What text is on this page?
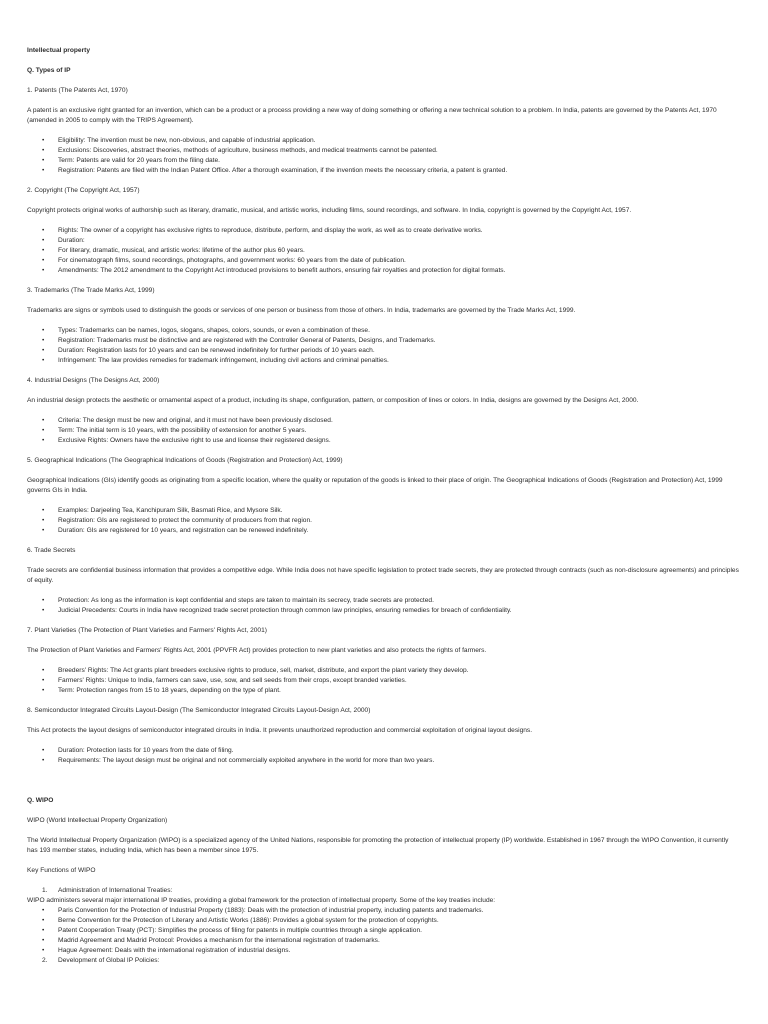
Intellectual property

Q. Types of IP

1. Patents (The Patents Act, 1970)

A patent is an exclusive right granted for an invention, which can be a product or a process providing a new way of doing something or offering a new technical solution to a problem. In India, patents are governed by the Patents Act, 1970 (amended in 2005 to comply with the TRIPS Agreement).

• Eligibility: The invention must be new, non-obvious, and capable of industrial application.
• Exclusions: Discoveries, abstract theories, methods of agriculture, business methods, and medical treatments cannot be patented.
• Term: Patents are valid for 20 years from the filing date.
• Registration: Patents are filed with the Indian Patent Office. After a thorough examination, if the invention meets the necessary criteria, a patent is granted.

2. Copyright (The Copyright Act, 1957)

Copyright protects original works of authorship such as literary, dramatic, musical, and artistic works, including films, sound recordings, and software. In India, copyright is governed by the Copyright Act, 1957.

• Rights: The owner of a copyright has exclusive rights to reproduce, distribute, perform, and display the work, as well as to create derivative works.
• Duration:
• For literary, dramatic, musical, and artistic works: lifetime of the author plus 60 years.
• For cinematograph films, sound recordings, photographs, and government works: 60 years from the date of publication.
• Amendments: The 2012 amendment to the Copyright Act introduced provisions to benefit authors, ensuring fair royalties and protection for digital formats.

3. Trademarks (The Trade Marks Act, 1999)

Trademarks are signs or symbols used to distinguish the goods or services of one person or business from those of others. In India, trademarks are governed by the Trade Marks Act, 1999.

• Types: Trademarks can be names, logos, slogans, shapes, colors, sounds, or even a combination of these.
• Registration: Trademarks must be distinctive and are registered with the Controller General of Patents, Designs, and Trademarks.
• Duration: Registration lasts for 10 years and can be renewed indefinitely for further periods of 10 years each.
• Infringement: The law provides remedies for trademark infringement, including civil actions and criminal penalties.

4. Industrial Designs (The Designs Act, 2000)

An industrial design protects the aesthetic or ornamental aspect of a product, including its shape, configuration, pattern, or composition of lines or colors. In India, designs are governed by the Designs Act, 2000.

• Criteria: The design must be new and original, and it must not have been previously disclosed.
• Term: The initial term is 10 years, with the possibility of extension for another 5 years.
• Exclusive Rights: Owners have the exclusive right to use and license their registered designs.

5. Geographical Indications (The Geographical Indications of Goods (Registration and Protection) Act, 1999)

Geographical Indications (GIs) identify goods as originating from a specific location, where the quality or reputation of the goods is linked to their place of origin. The Geographical Indications of Goods (Registration and Protection) Act, 1999 governs GIs in India.

• Examples: Darjeeling Tea, Kanchipuram Silk, Basmati Rice, and Mysore Silk.
• Registration: GIs are registered to protect the community of producers from that region.
• Duration: GIs are registered for 10 years, and registration can be renewed indefinitely.

6. Trade Secrets

Trade secrets are confidential business information that provides a competitive edge. While India does not have specific legislation to protect trade secrets, they are protected through contracts (such as non-disclosure agreements) and principles of equity.

• Protection: As long as the information is kept confidential and steps are taken to maintain its secrecy, trade secrets are protected.
• Judicial Precedents: Courts in India have recognized trade secret protection through common law principles, ensuring remedies for breach of confidentiality.

7. Plant Varieties (The Protection of Plant Varieties and Farmers' Rights Act, 2001)

The Protection of Plant Varieties and Farmers' Rights Act, 2001 (PPVFR Act) provides protection to new plant varieties and also protects the rights of farmers.

• Breeders' Rights: The Act grants plant breeders exclusive rights to produce, sell, market, distribute, and export the plant variety they develop.
• Farmers' Rights: Unique to India, farmers can save, use, sow, and sell seeds from their crops, except branded varieties.
• Term: Protection ranges from 15 to 18 years, depending on the type of plant.

8. Semiconductor Integrated Circuits Layout-Design (The Semiconductor Integrated Circuits Layout-Design Act, 2000)

This Act protects the layout designs of semiconductor integrated circuits in India. It prevents unauthorized reproduction and commercial exploitation of original layout designs.

• Duration: Protection lasts for 10 years from the date of filing.
• Requirements: The layout design must be original and not commercially exploited anywhere in the world for more than two years.

Q. WIPO

WIPO (World Intellectual Property Organization)

The World Intellectual Property Organization (WIPO) is a specialized agency of the United Nations, responsible for promoting the protection of intellectual property (IP) worldwide. Established in 1967 through the WIPO Convention, it currently has 193 member states, including India, which has been a member since 1975.

Key Functions of WIPO

1. Administration of International Treaties:

WIPO administers several major international IP treaties, providing a global framework for the protection of intellectual property. Some of the key treaties include:

• Paris Convention for the Protection of Industrial Property (1883): Deals with the protection of industrial property, including patents and trademarks.
• Berne Convention for the Protection of Literary and Artistic Works (1886): Provides a global system for the protection of copyrights.
• Patent Cooperation Treaty (PCT): Simplifies the process of filing for patents in multiple countries through a single application.
• Madrid Agreement and Madrid Protocol: Provides a mechanism for the international registration of trademarks.
• Hague Agreement: Deals with the international registration of industrial designs.
2. Development of Global IP Policies:
